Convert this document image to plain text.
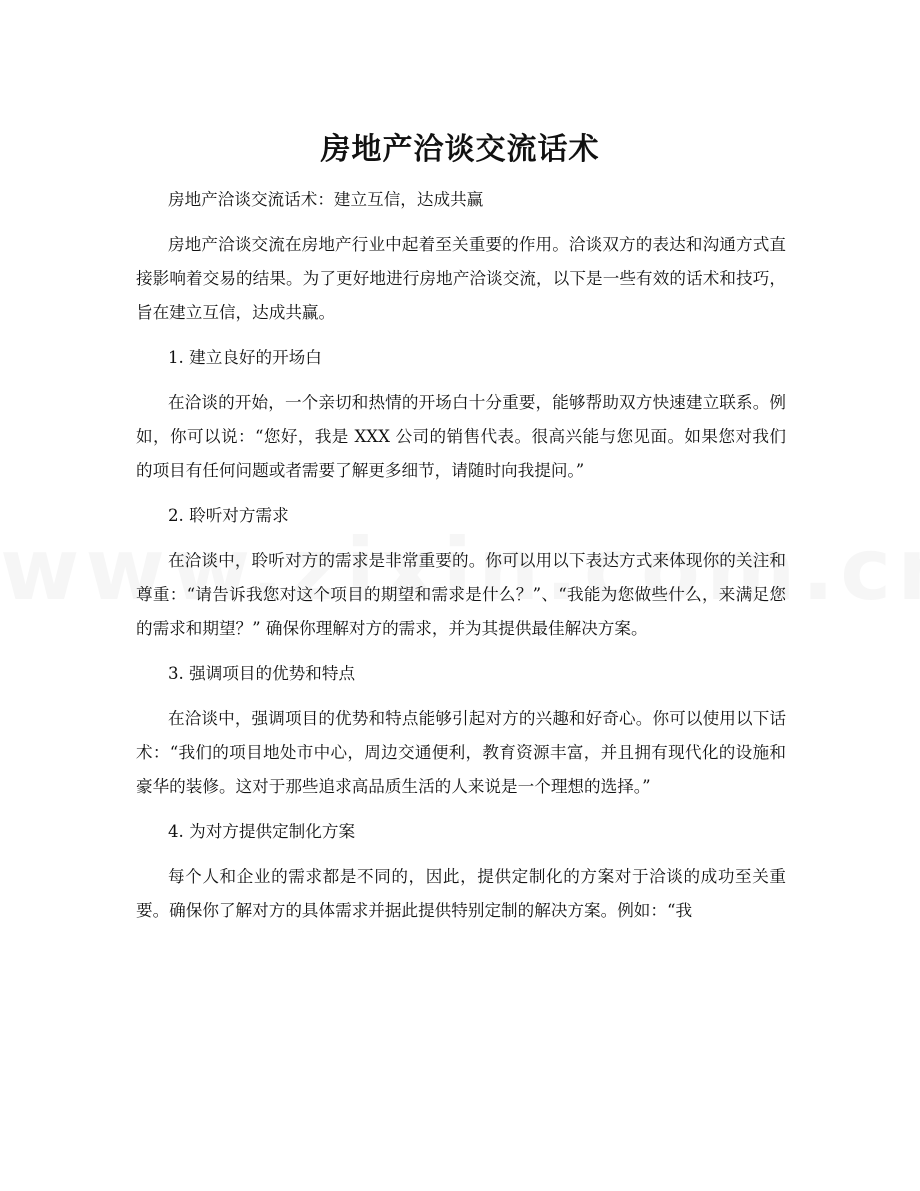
房地产洽谈交流话术

房地产洽谈交流话术：建立互信，达成共赢

房地产洽谈交流在房地产行业中起着至关重要的作用。洽谈双方的表达和沟通方式直接影响着交易的结果。为了更好地进行房地产洽谈交流，以下是一些有效的话术和技巧，旨在建立互信，达成共赢。

1. 建立良好的开场白

在洽谈的开始，一个亲切和热情的开场白十分重要，能够帮助双方快速建立联系。例如，你可以说：“您好，我是 XXX 公司的销售代表。很高兴能与您见面。如果您对我们的项目有任何问题或者需要了解更多细节，请随时向我提问。”

2. 聆听对方需求

在洽谈中，聆听对方的需求是非常重要的。你可以用以下表达方式来体现你的关注和尊重：“请告诉我您对这个项目的期望和需求是什么？”、“我能为您做些什么，来满足您的需求和期望？” 确保你理解对方的需求，并为其提供最佳解决方案。

3. 强调项目的优势和特点

在洽谈中，强调项目的优势和特点能够引起对方的兴趣和好奇心。你可以使用以下话术：“我们的项目地处市中心，周边交通便利，教育资源丰富，并且拥有现代化的设施和豪华的装修。这对于那些追求高品质生活的人来说是一个理想的选择。”

4. 为对方提供定制化方案

每个人和企业的需求都是不同的，因此，提供定制化的方案对于洽谈的成功至关重要。确保你了解对方的具体需求并据此提供特别定制的解决方案。例如：“我
